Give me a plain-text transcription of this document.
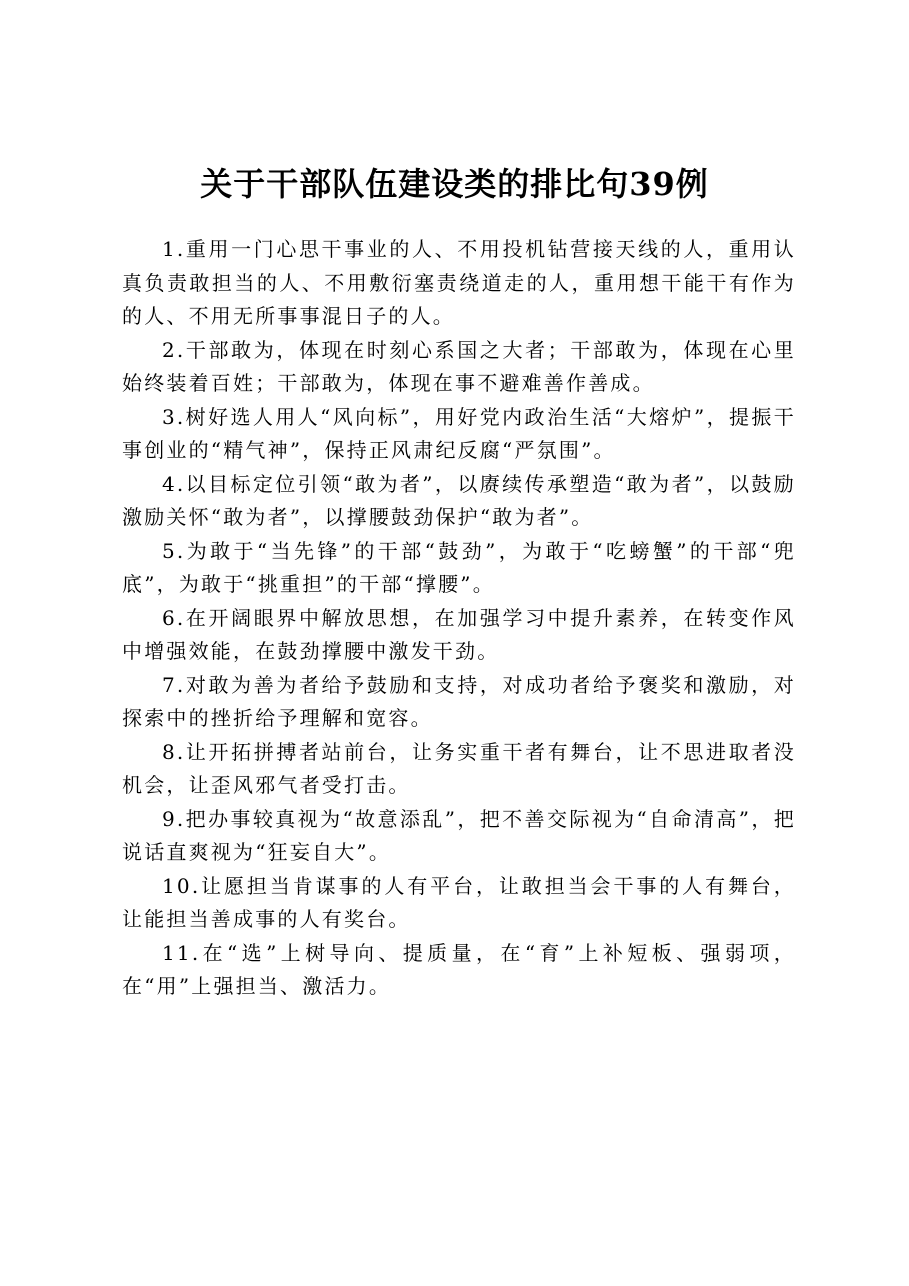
关于干部队伍建设类的排比句39例

1.重用一门心思干事业的人、不用投机钻营接天线的人，重用认真负责敢担当的人、不用敷衍塞责绕道走的人，重用想干能干有作为的人、不用无所事事混日子的人。

2.干部敢为，体现在时刻心系国之大者；干部敢为，体现在心里始终装着百姓；干部敢为，体现在事不避难善作善成。

3.树好选人用人“风向标”，用好党内政治生活“大熔炉”，提振干事创业的“精气神”，保持正风肃纪反腐“严氛围”。

4.以目标定位引领“敢为者”，以赓续传承塑造“敢为者”，以鼓励激励关怀“敢为者”，以撑腰鼓劲保护“敢为者”。

5.为敢于“当先锋”的干部“鼓劲”，为敢于“吃螃蟹”的干部“兜底”，为敢于“挑重担”的干部“撑腰”。

6.在开阔眼界中解放思想，在加强学习中提升素养，在转变作风中增强效能，在鼓劲撑腰中激发干劲。

7.对敢为善为者给予鼓励和支持，对成功者给予褒奖和激励，对探索中的挫折给予理解和宽容。

8.让开拓拼搏者站前台，让务实重干者有舞台，让不思进取者没机会，让歪风邪气者受打击。

9.把办事较真视为“故意添乱”，把不善交际视为“自命清高”，把说话直爽视为“狂妄自大”。

10.让愿担当肯谋事的人有平台，让敢担当会干事的人有舞台，让能担当善成事的人有奖台。

11.在“选”上树导向、提质量，在“育”上补短板、强弱项，在“用”上强担当、激活力。
